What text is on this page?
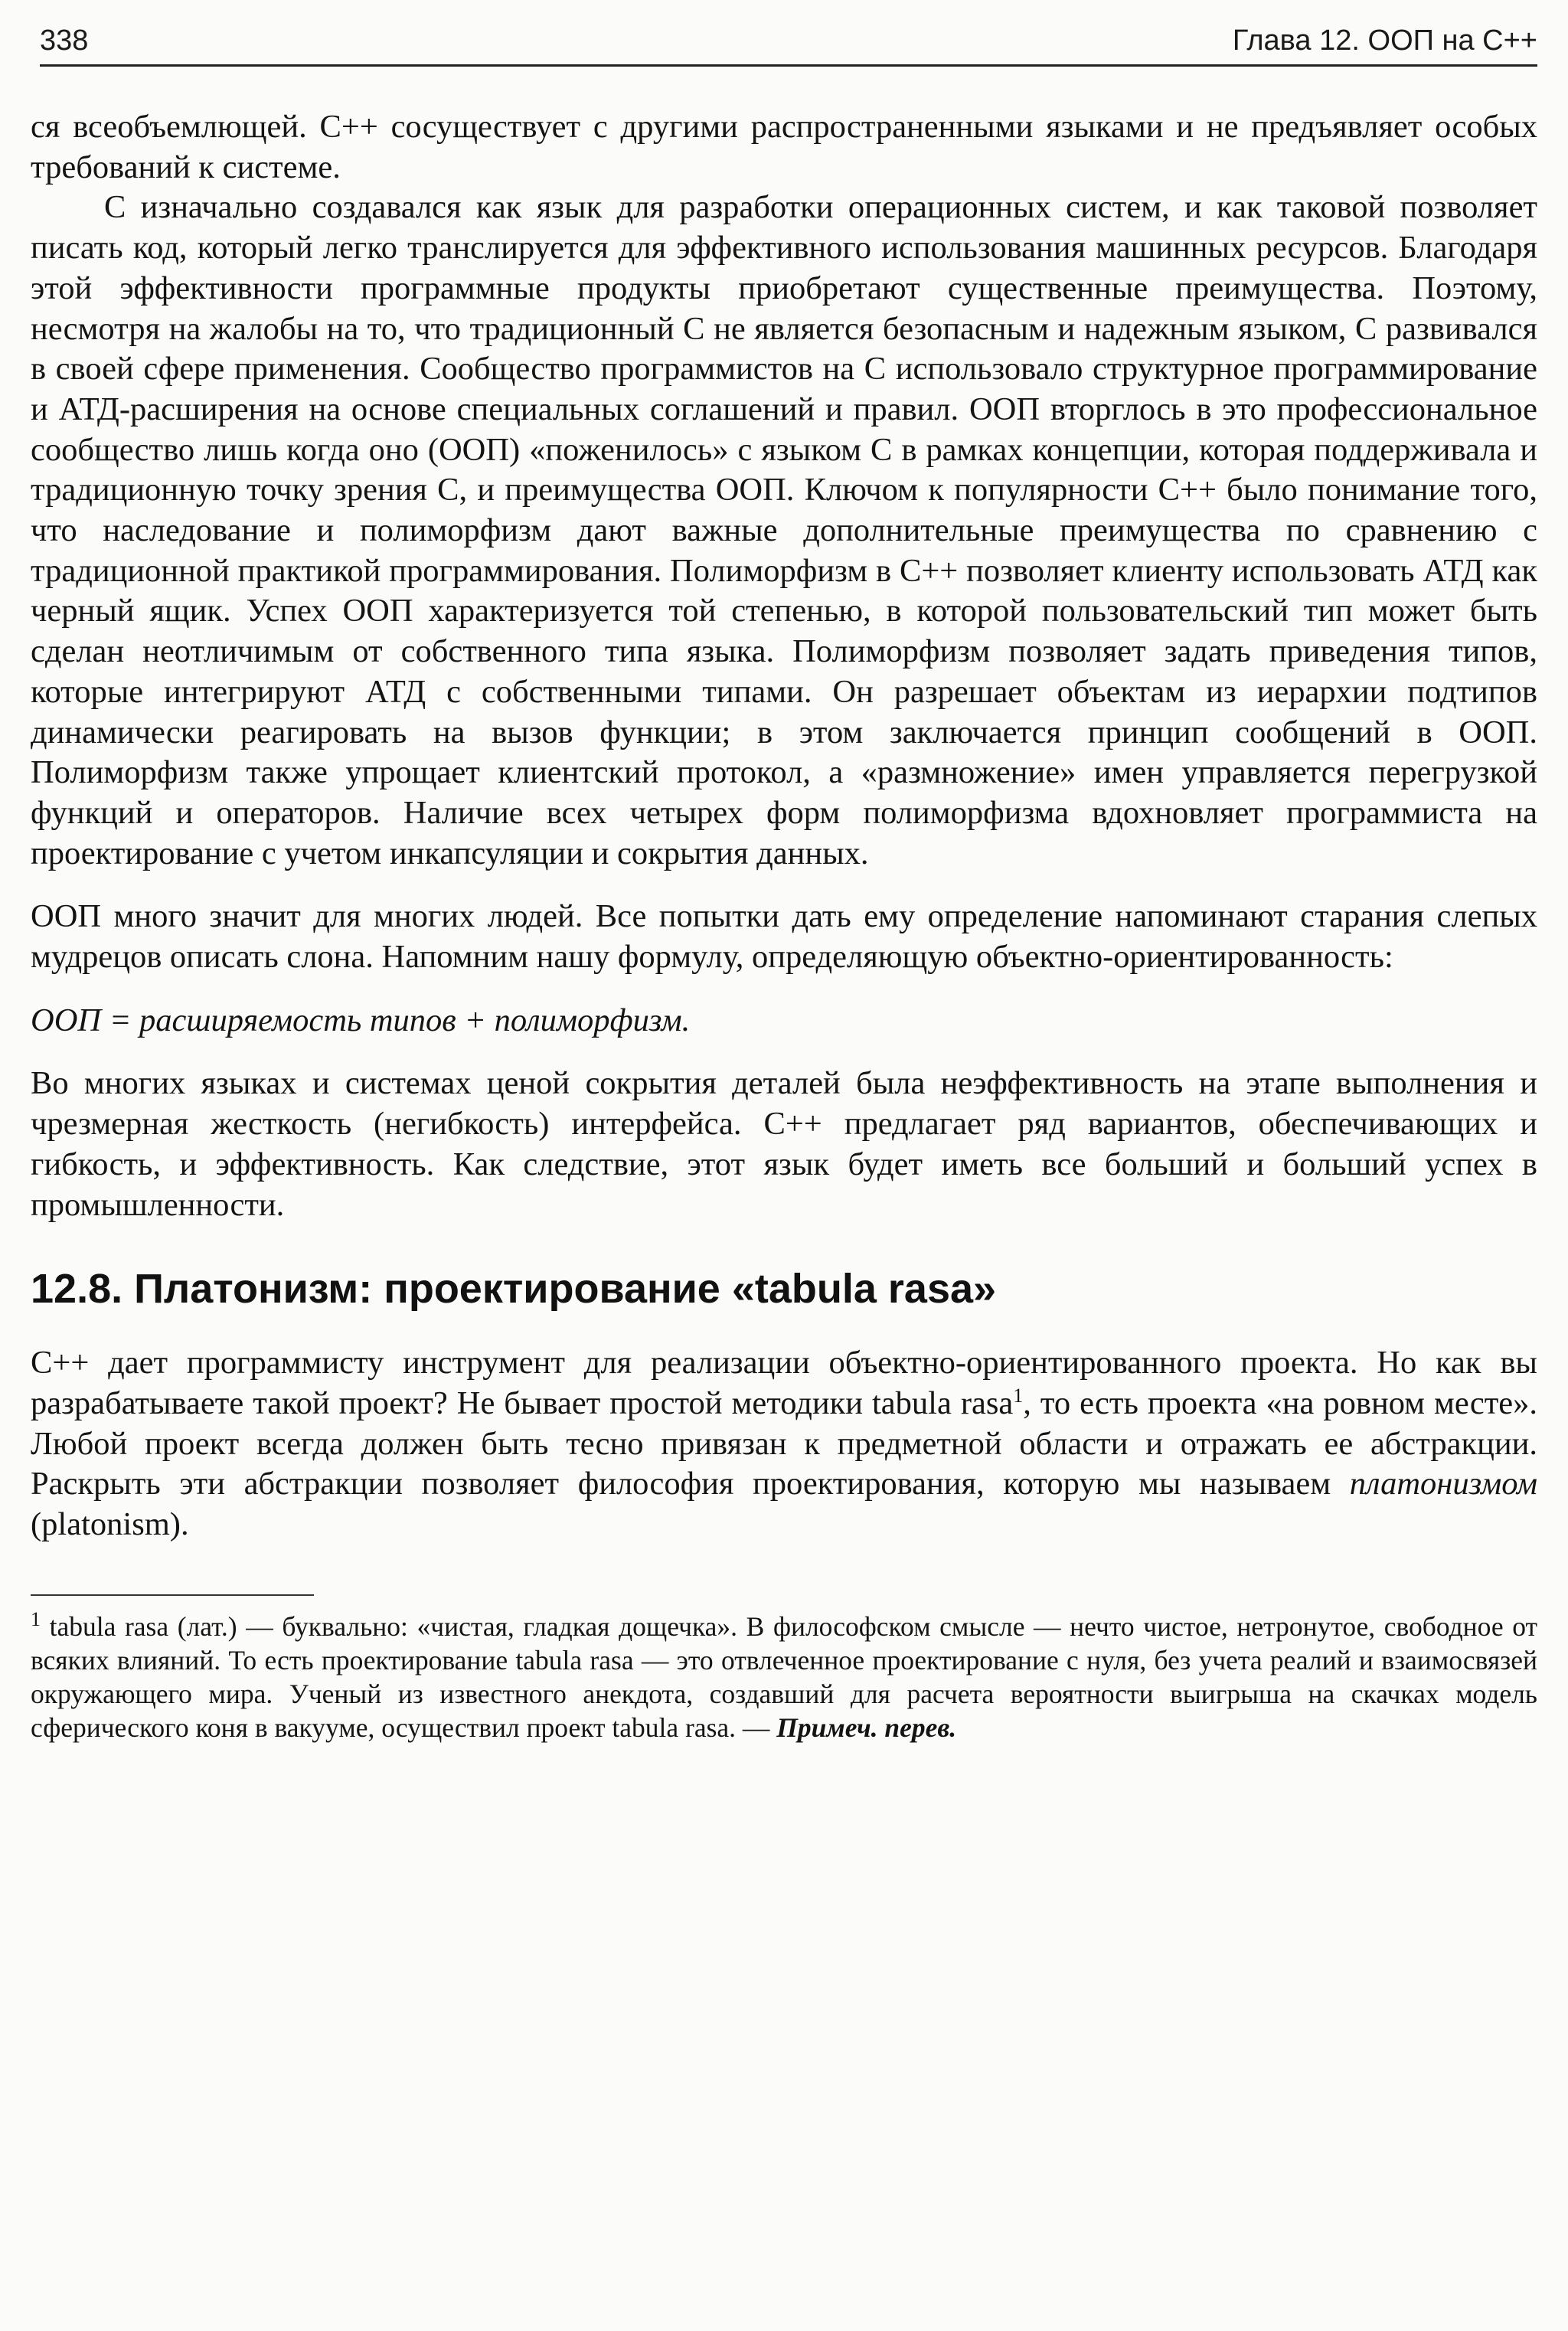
338	Глава 12. ООП на С++

ся всеобъемлющей. С++ сосуществует с другими распространенными языками и не предъявляет особых требований к системе.

С изначально создавался как язык для разработки операционных систем, и как таковой позволяет писать код, который легко транслируется для эффективного использования машинных ресурсов. Благодаря этой эффективности программные продукты приобретают существенные преимущества. Поэтому, несмотря на жалобы на то, что традиционный С не является безопасным и надежным языком, С развивался в своей сфере применения. Сообщество программистов на С использовало структурное программирование и АТД-расширения на основе специальных соглашений и правил. ООП вторглось в это профессиональное сообщество лишь когда оно (ООП) «поженилось» с языком С в рамках концепции, которая поддерживала и традиционную точку зрения С, и преимущества ООП. Ключом к популярности С++ было понимание того, что наследование и полиморфизм дают важные дополнительные преимущества по сравнению с традиционной практикой программирования. Полиморфизм в С++ позволяет клиенту использовать АТД как черный ящик. Успех ООП характеризуется той степенью, в которой пользовательский тип может быть сделан неотличимым от собственного типа языка. Полиморфизм позволяет задать приведения типов, которые интегрируют АТД с собственными типами. Он разрешает объектам из иерархии подтипов динамически реагировать на вызов функции; в этом заключается принцип сообщений в ООП. Полиморфизм также упрощает клиентский протокол, а «размножение» имен управляется перегрузкой функций и операторов. Наличие всех четырех форм полиморфизма вдохновляет программиста на проектирование с учетом инкапсуляции и сокрытия данных.

ООП много значит для многих людей. Все попытки дать ему определение напоминают старания слепых мудрецов описать слона. Напомним нашу формулу, определяющую объектно-ориентированность:

ООП = расширяемость типов + полиморфизм.

Во многих языках и системах ценой сокрытия деталей была неэффективность на этапе выполнения и чрезмерная жесткость (негибкость) интерфейса. С++ предлагает ряд вариантов, обеспечивающих и гибкость, и эффективность. Как следствие, этот язык будет иметь все больший и больший успех в промышленности.

12.8. Платонизм: проектирование «tabula rasa»

С++ дает программисту инструмент для реализации объектно-ориентированного проекта. Но как вы разрабатываете такой проект? Не бывает простой методики tabula rasa$^1$, то есть проекта «на ровном месте». Любой проект всегда должен быть тесно привязан к предметной области и отражать ее абстракции. Раскрыть эти абстракции позволяет философия проектирования, которую мы называем платонизмом (platonism).

$^1$ tabula rasa (лат.) — буквально: «чистая, гладкая дощечка». В философском смысле — нечто чистое, нетронутое, свободное от всяких влияний. То есть проектирование tabula rasa — это отвлеченное проектирование с нуля, без учета реалий и взаимосвязей окружающего мира. Ученый из известного анекдота, создавший для расчета вероятности выигрыша на скачках модель сферического коня в вакууме, осуществил проект tabula rasa. — Примеч. перев.
